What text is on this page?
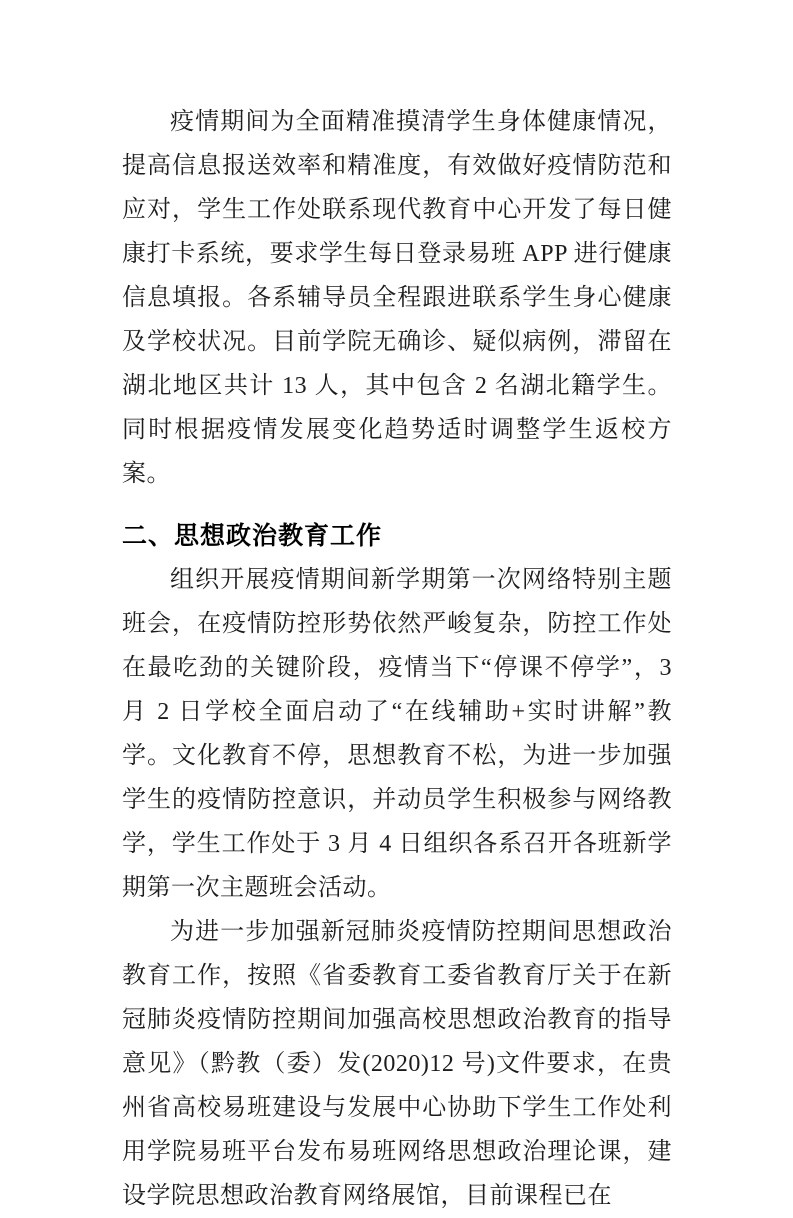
疫情期间为全面精准摸清学生身体健康情况，提高信息报送效率和精准度，有效做好疫情防范和应对，学生工作处联系现代教育中心开发了每日健康打卡系统，要求学生每日登录易班 APP 进行健康信息填报。各系辅导员全程跟进联系学生身心健康及学校状况。目前学院无确诊、疑似病例，滞留在湖北地区共计 13 人，其中包含 2 名湖北籍学生。同时根据疫情发展变化趋势适时调整学生返校方案。

二、思想政治教育工作

组织开展疫情期间新学期第一次网络特别主题班会，在疫情防控形势依然严峻复杂，防控工作处在最吃劲的关键阶段，疫情当下“停课不停学”，3 月 2 日学校全面启动了“在线辅助+实时讲解”教学。文化教育不停，思想教育不松，为进一步加强学生的疫情防控意识，并动员学生积极参与网络教学，学生工作处于 3 月 4 日组织各系召开各班新学期第一次主题班会活动。

为进一步加强新冠肺炎疫情防控期间思想政治教育工作，按照《省委教育工委省教育厅关于在新冠肺炎疫情防控期间加强高校思想政治教育的指导意见》（黔教（委）发(2020)12 号)文件要求，在贵州省高校易班建设与发展中心协助下学生工作处利用学院易班平台发布易班网络思想政治理论课，建设学院思想政治教育网络展馆，目前课程已在
